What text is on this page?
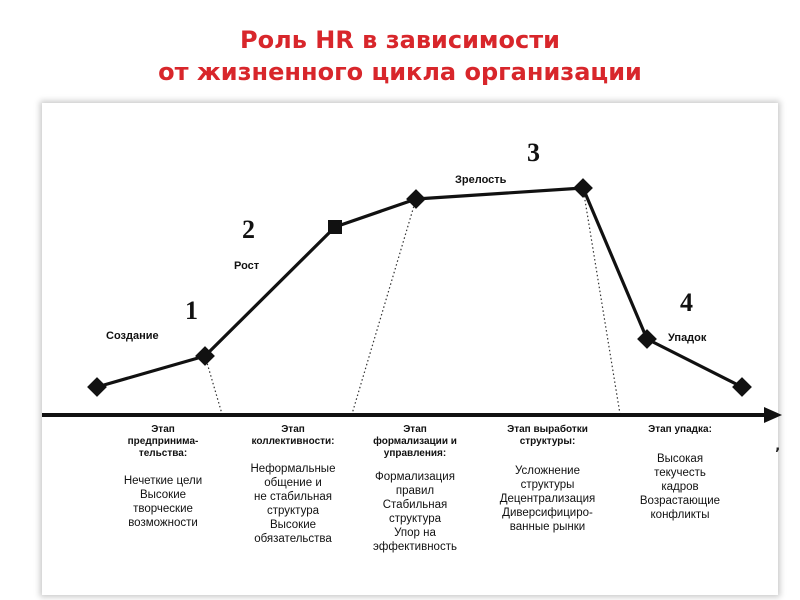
Роль HR в зависимости
от жизненного цикла организации
1
2
3
4
Создание
Рост
Зрелость
Упадок
Этап
предпринима-
тельства:
Нечеткие цели
Высокие
творческие
возможности
Этап
коллективности:
Неформальные
общение и
не стабильная
структура
Высокие
обязательства
Этап
формализации и
управления:
Формализация
правил
Стабильная
структура
Упор на
эффективность
Этап выработки
структуры:
Усложнение
структуры
Децентрализация
Диверсифициро-
ванные рынки
Этап упадка:
Высокая
текучесть
кадров
Возрастающие
конфликты
’
